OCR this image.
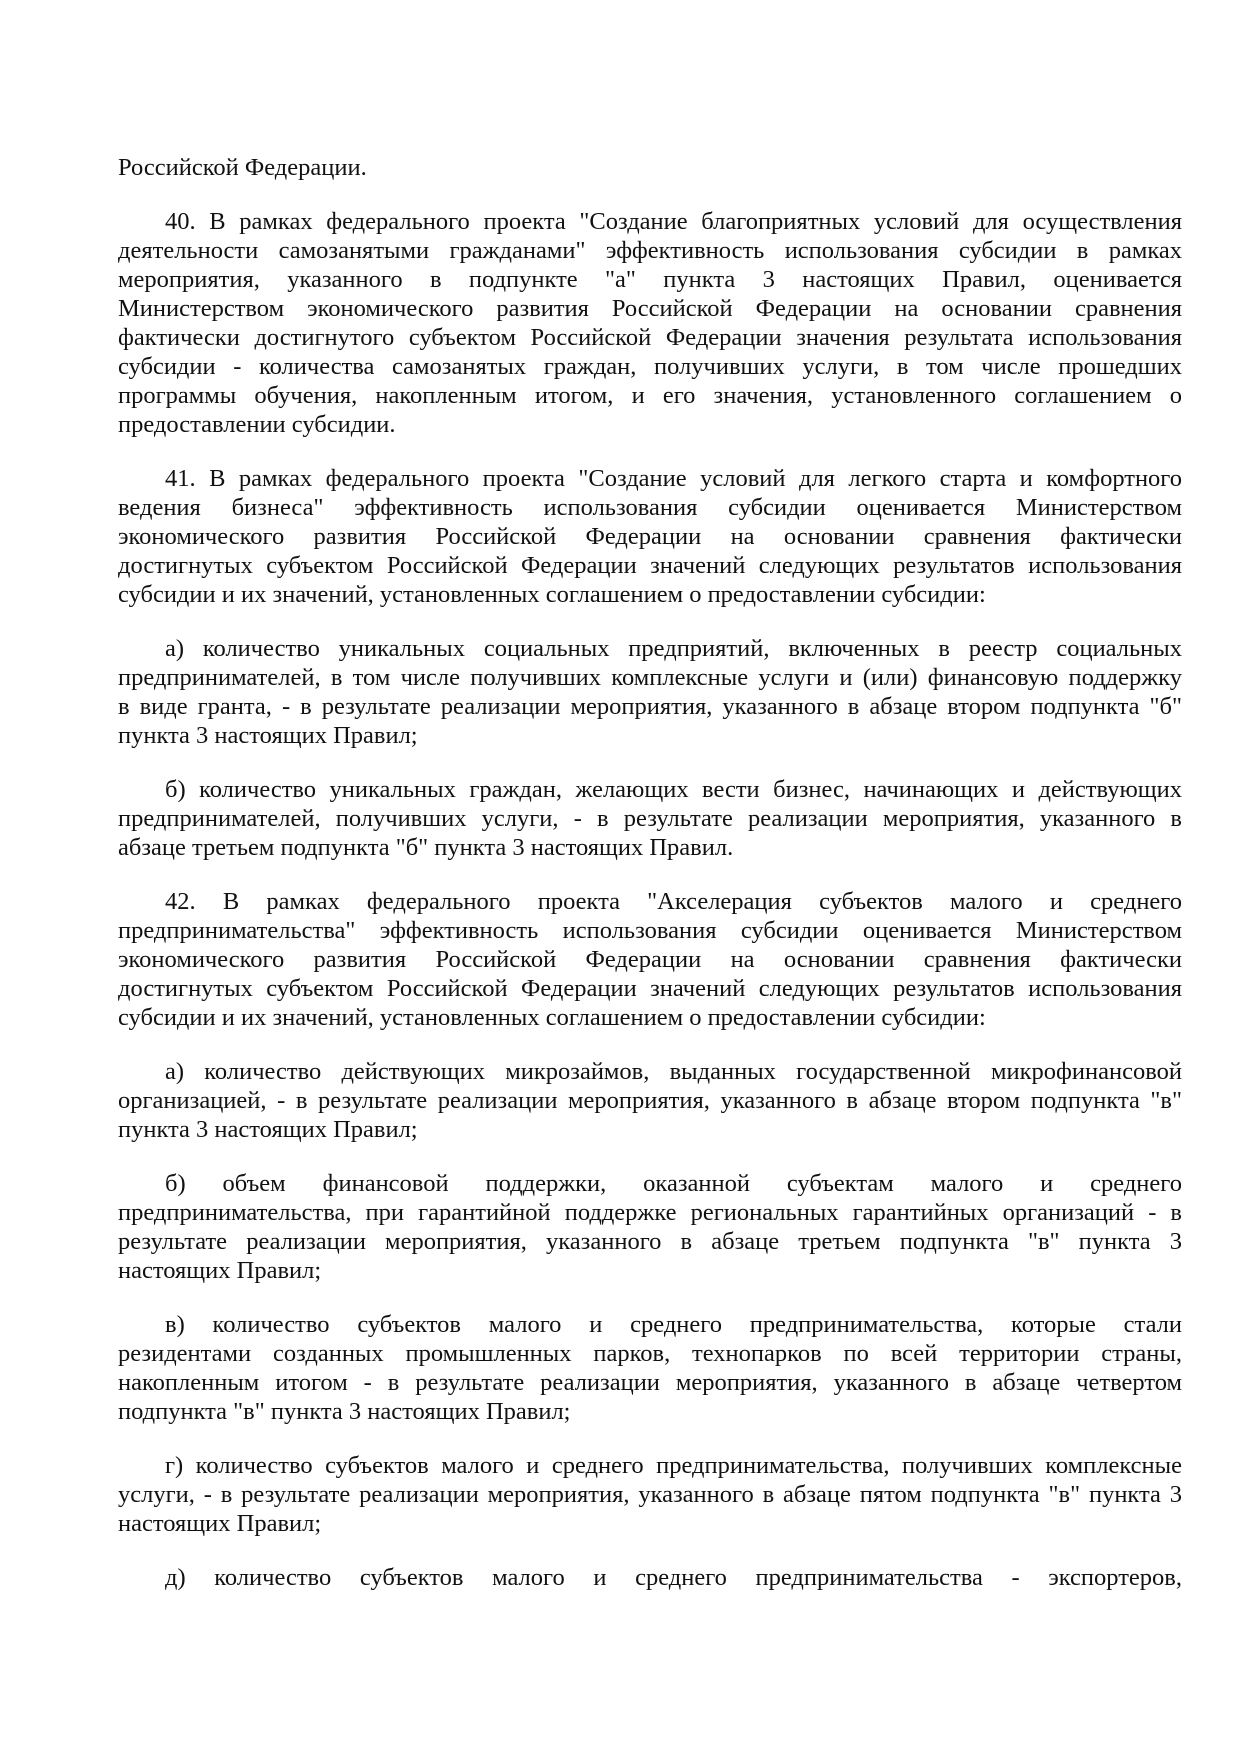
Российской Федерации.
40. В рамках федерального проекта "Создание благоприятных условий для осуществления
деятельности самозанятыми гражданами" эффективность использования субсидии в рамках
мероприятия, указанного в подпункте "а" пункта 3 настоящих Правил, оценивается
Министерством экономического развития Российской Федерации на основании сравнения
фактически достигнутого субъектом Российской Федерации значения результата использования
субсидии - количества самозанятых граждан, получивших услуги, в том числе прошедших
программы обучения, накопленным итогом, и его значения, установленного соглашением о
предоставлении субсидии.
41. В рамках федерального проекта "Создание условий для легкого старта и комфортного
ведения бизнеса" эффективность использования субсидии оценивается Министерством
экономического развития Российской Федерации на основании сравнения фактически
достигнутых субъектом Российской Федерации значений следующих результатов использования
субсидии и их значений, установленных соглашением о предоставлении субсидии:
а) количество уникальных социальных предприятий, включенных в реестр социальных
предпринимателей, в том числе получивших комплексные услуги и (или) финансовую поддержку
в виде гранта, - в результате реализации мероприятия, указанного в абзаце втором подпункта "б"
пункта 3 настоящих Правил;
б) количество уникальных граждан, желающих вести бизнес, начинающих и действующих
предпринимателей, получивших услуги, - в результате реализации мероприятия, указанного в
абзаце третьем подпункта "б" пункта 3 настоящих Правил.
42. В рамках федерального проекта "Акселерация субъектов малого и среднего
предпринимательства" эффективность использования субсидии оценивается Министерством
экономического развития Российской Федерации на основании сравнения фактически
достигнутых субъектом Российской Федерации значений следующих результатов использования
субсидии и их значений, установленных соглашением о предоставлении субсидии:
а) количество действующих микрозаймов, выданных государственной микрофинансовой
организацией, - в результате реализации мероприятия, указанного в абзаце втором подпункта "в"
пункта 3 настоящих Правил;
б) объем финансовой поддержки, оказанной субъектам малого и среднего
предпринимательства, при гарантийной поддержке региональных гарантийных организаций - в
результате реализации мероприятия, указанного в абзаце третьем подпункта "в" пункта 3
настоящих Правил;
в) количество субъектов малого и среднего предпринимательства, которые стали
резидентами созданных промышленных парков, технопарков по всей территории страны,
накопленным итогом - в результате реализации мероприятия, указанного в абзаце четвертом
подпункта "в" пункта 3 настоящих Правил;
г) количество субъектов малого и среднего предпринимательства, получивших комплексные
услуги, - в результате реализации мероприятия, указанного в абзаце пятом подпункта "в" пункта 3
настоящих Правил;
д) количество субъектов малого и среднего предпринимательства - экспортеров,
